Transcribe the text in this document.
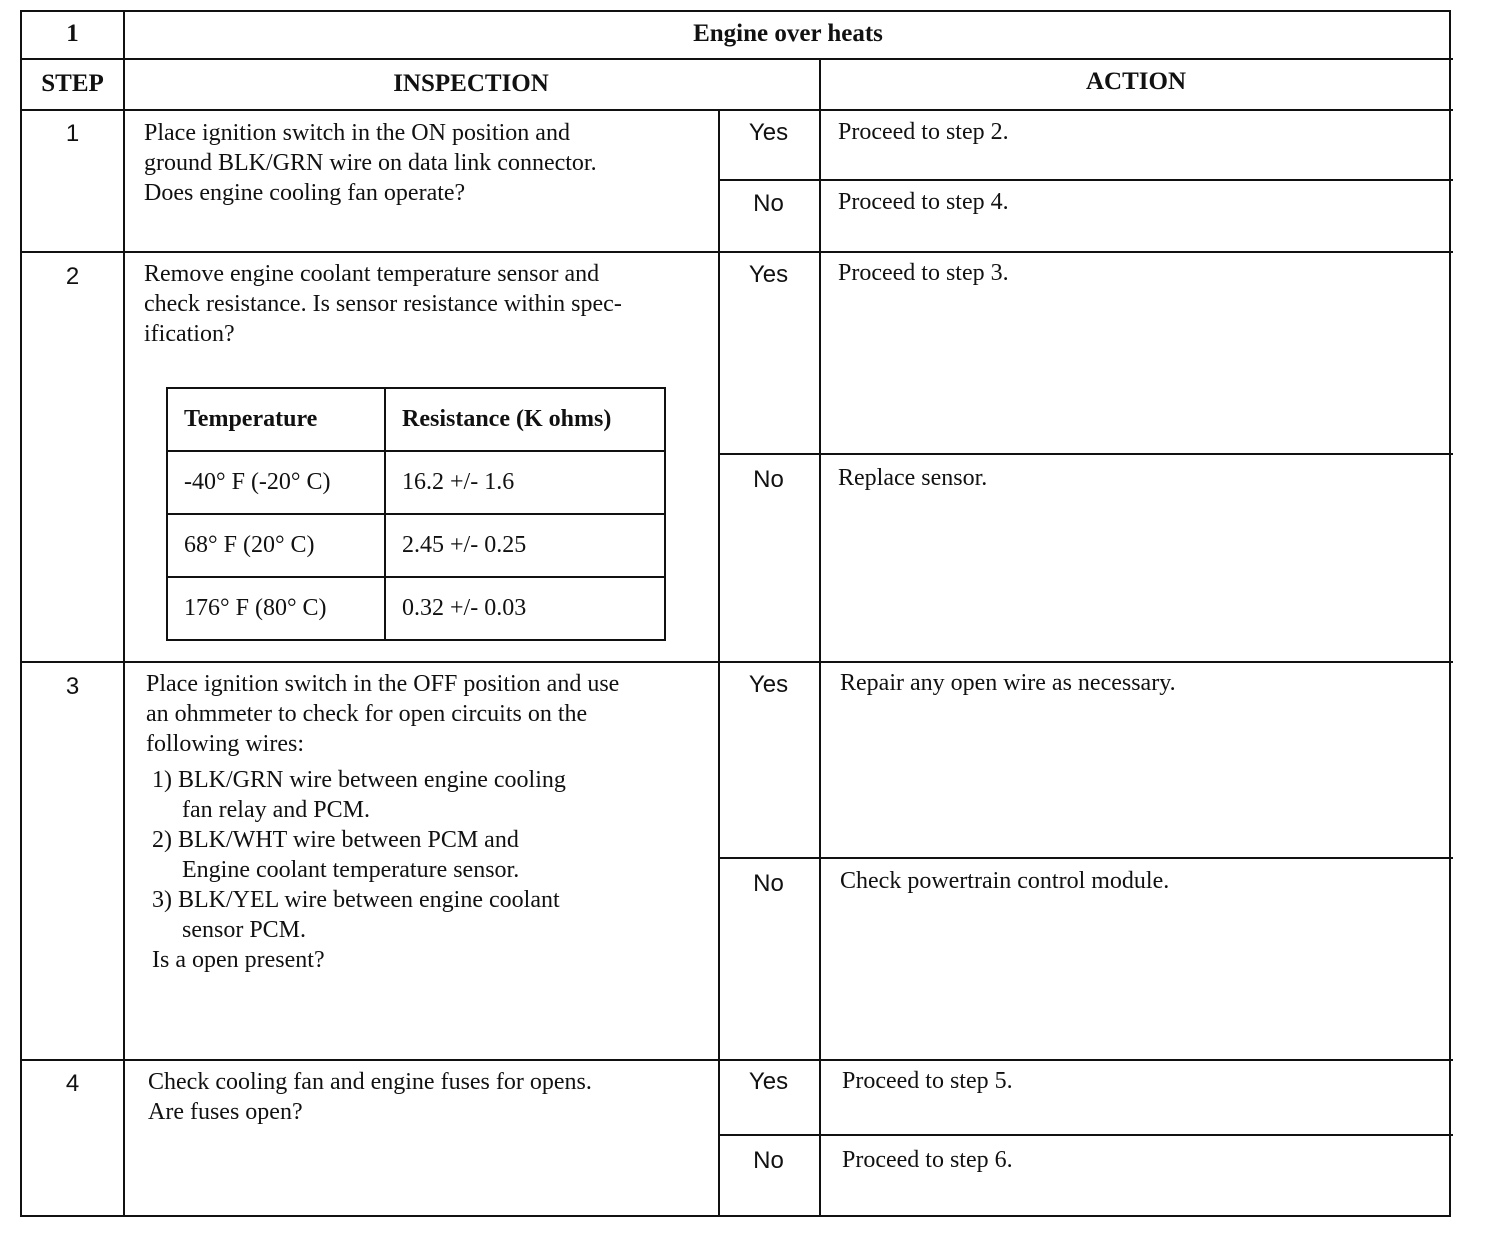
1	Engine over heats
STEP	INSPECTION	ACTION
1	Place ignition switch in the ON position and
ground BLK/GRN wire on data link connector.
Does engine cooling fan operate?
Yes	Proceed to step 2.
No	Proceed to step 4.
2	Remove engine coolant temperature sensor and
check resistance. Is sensor resistance within spec-
ification?
Temperature	Resistance (K ohms)
-40° F (-20° C)	16.2 +/- 1.6
68° F (20° C)	2.45 +/- 0.25
176° F (80° C)	0.32 +/- 0.03
Yes	Proceed to step 3.
No	Replace sensor.
3	Place ignition switch in the OFF position and use
an ohmmeter to check for open circuits on the
following wires:
1) BLK/GRN wire between engine cooling
fan relay and PCM.
2) BLK/WHT wire between PCM and
Engine coolant temperature sensor.
3) BLK/YEL wire between engine coolant
sensor PCM.
Is a open present?
Yes	Repair any open wire as necessary.
No	Check powertrain control module.
4	Check cooling fan and engine fuses for opens.
Are fuses open?
Yes	Proceed to step 5.
No	Proceed to step 6.
